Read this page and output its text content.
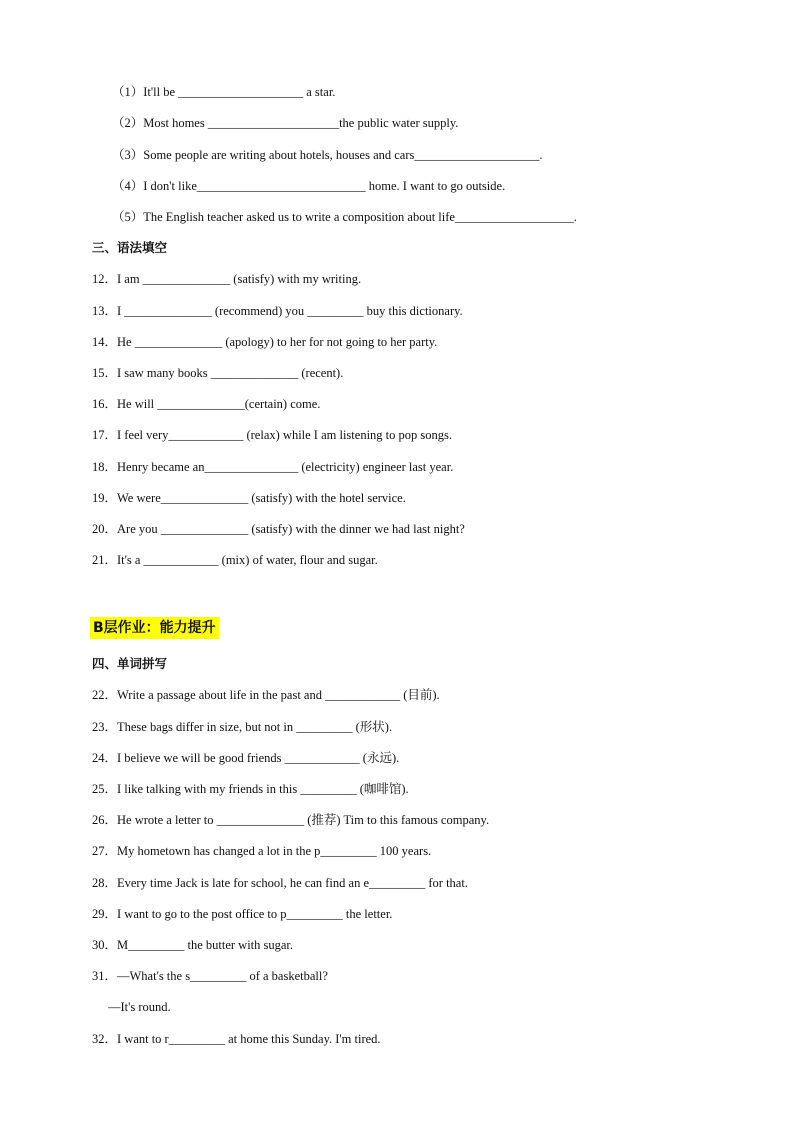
（1）It'll be ____________________ a star.
（2）Most homes _____________________the public water supply.
（3）Some people are writing about hotels, houses and cars____________________.
（4）I don't like___________________________ home. I want to go outside.
（5）The English teacher asked us to write a composition about life___________________.
三、语法填空
12．I am ______________ (satisfy) with my writing.
13．I ______________ (recommend) you _________ buy this dictionary.
14．He ______________ (apology) to her for not going to her party.
15．I saw many books ______________ (recent).
16．He will ______________(certain) come.
17．I feel very____________ (relax) while I am listening to pop songs.
18．Henry became an_______________ (electricity) engineer last year.
19．We were______________ (satisfy) with the hotel service.
20．Are you ______________ (satisfy) with the dinner we had last night?
21．It's a ____________ (mix) of water, flour and sugar.
B层作业：能力提升
四、单词拼写
22．Write a passage about life in the past and ____________ (目前).
23．These bags differ in size, but not in _________ (形状).
24．I believe we will be good friends ____________ (永远).
25．I like talking with my friends in this _________ (咖啡馆).
26．He wrote a letter to ______________ (推荐) Tim to this famous company.
27．My hometown has changed a lot in the p_________ 100 years.
28．Every time Jack is late for school, he can find an e_________ for that.
29．I want to go to the post office to p_________ the letter.
30．M_________ the butter with sugar.
31．—What's the s_________ of a basketball?
—It's round.
32．I want to r_________ at home this Sunday. I'm tired.
